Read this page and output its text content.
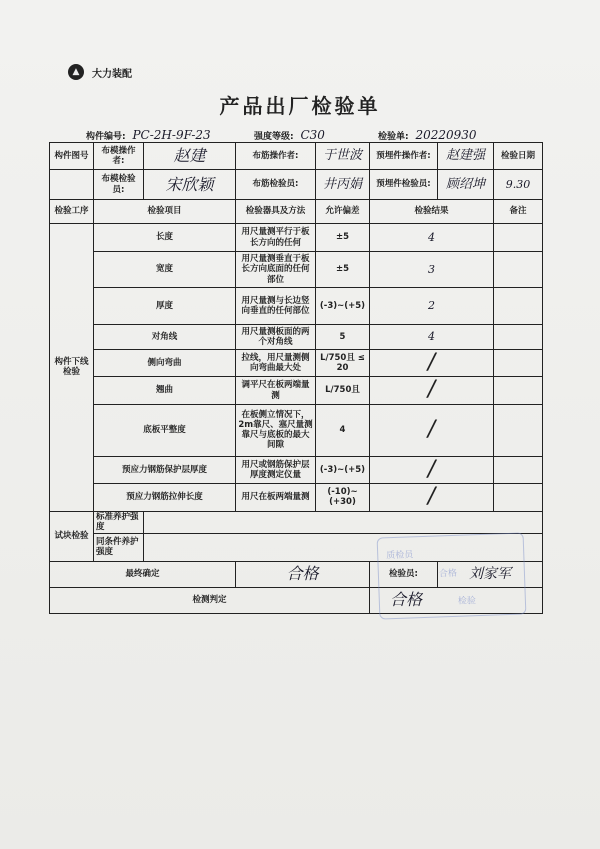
▲	大力装配
产品出厂检验单
构件编号: PC-2H-9F-23	强度等级: C30	检验单: 20220930
构件图号	布模操作者:	赵建	布筋操作者:	于世波	预埋件操作者:	赵建强	检验日期
	布模检验员:	宋欣颖	布筋检验员:	井丙娟	预埋件检验员:	顾绍坤	9.30
检验工序	检验项目		检验器具及方法	允许偏差	检验结果		备注
构件下线检验	长度		用尺量测平行于板长方向的任何	±5	4		
	宽度		用尺量测垂直于板长方向底面的任何部位	±5	3		
	厚度		用尺量测与长边竖向垂直的任何部位	(-3)~(+5)	2		
	对角线		用尺量测板面的两个对角线	5	4		
	侧向弯曲		拉线，用尺量测侧向弯曲最大处	L/750且 ≤ 20	/		
	翘曲		调平尺在板两端量测	L/750且	/		
	底板平整度		在板侧立情况下，2m靠尺、塞尺量测靠尺与底板的最大间隙	4	/		
	预应力钢筋保护层厚度		用尺或钢筋保护层厚度测定仪量	(-3)~(+5)	/		
	预应力钢筋拉伸长度		用尺在板两端量测	(-10)~(+30)	/		
试块检验	标准养护强度						
	同条件养护强度						
最终确定			合格		检验员:	刘家军	
检测判定					合格		
质检员
合格
检验
